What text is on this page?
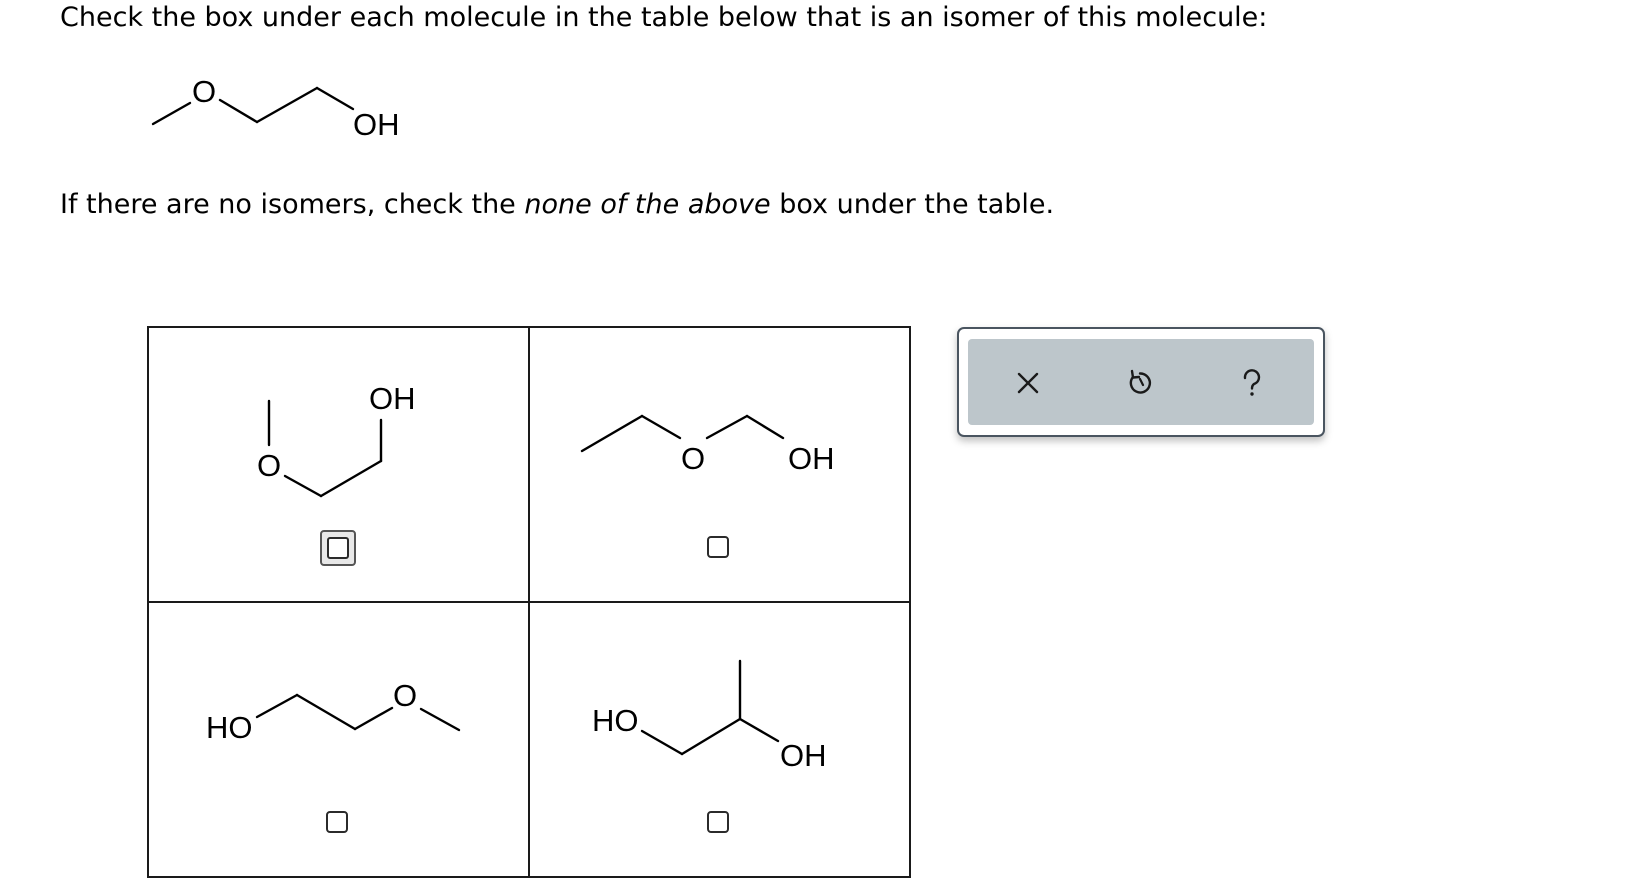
Check the box under each molecule in the table below that is an isomer of this molecule:
O
OH
If there are no isomers, check the none of the above box under the table.
O
OH	O OH

HO
O	HO
OH
